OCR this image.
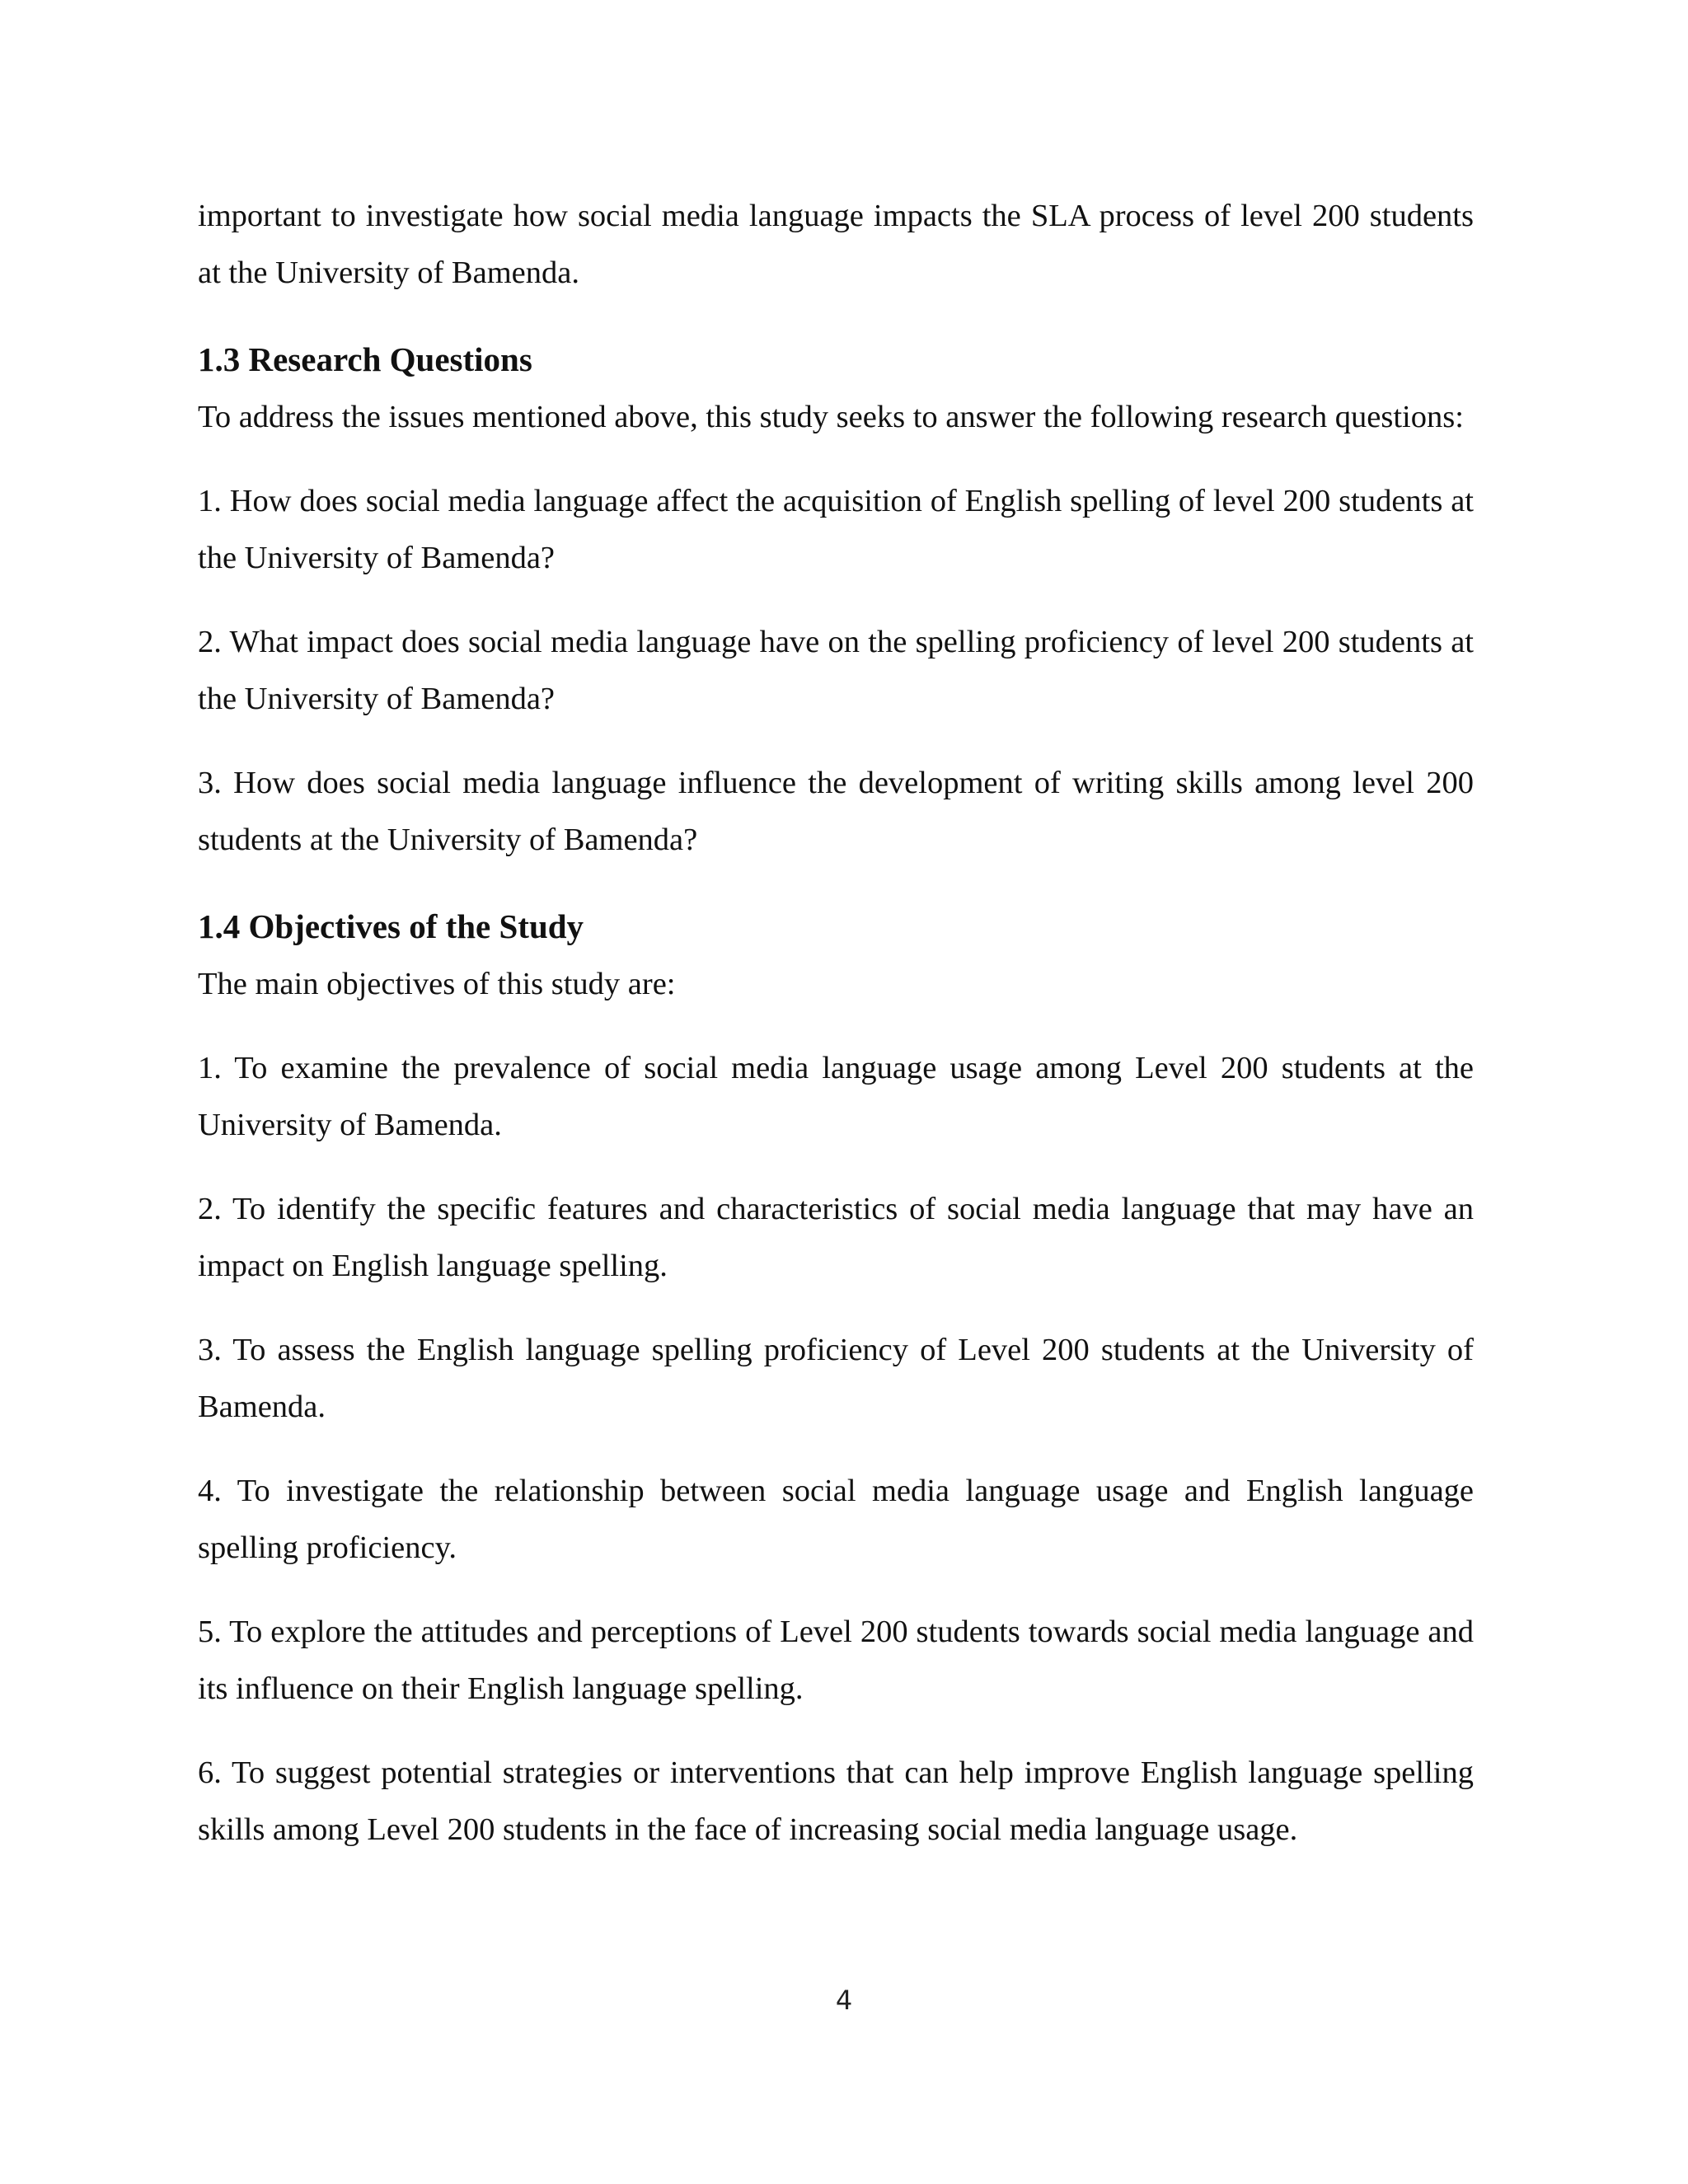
important to investigate how social media language impacts the SLA process of level 200 students at the University of Bamenda.

1.3 Research Questions

To address the issues mentioned above, this study seeks to answer the following research questions:

1. How does social media language affect the acquisition of English spelling of level 200 students at the University of Bamenda?

2. What impact does social media language have on the spelling proficiency of level 200 students at the University of Bamenda?

3. How does social media language influence the development of writing skills among level 200 students at the University of Bamenda?

1.4 Objectives of the Study

The main objectives of this study are:

1. To examine the prevalence of social media language usage among Level 200 students at the University of Bamenda.

2. To identify the specific features and characteristics of social media language that may have an impact on English language spelling.

3. To assess the English language spelling proficiency of Level 200 students at the University of Bamenda.

4. To investigate the relationship between social media language usage and English language spelling proficiency.

5. To explore the attitudes and perceptions of Level 200 students towards social media language and its influence on their English language spelling.

6. To suggest potential strategies or interventions that can help improve English language spelling skills among Level 200 students in the face of increasing social media language usage.

4
